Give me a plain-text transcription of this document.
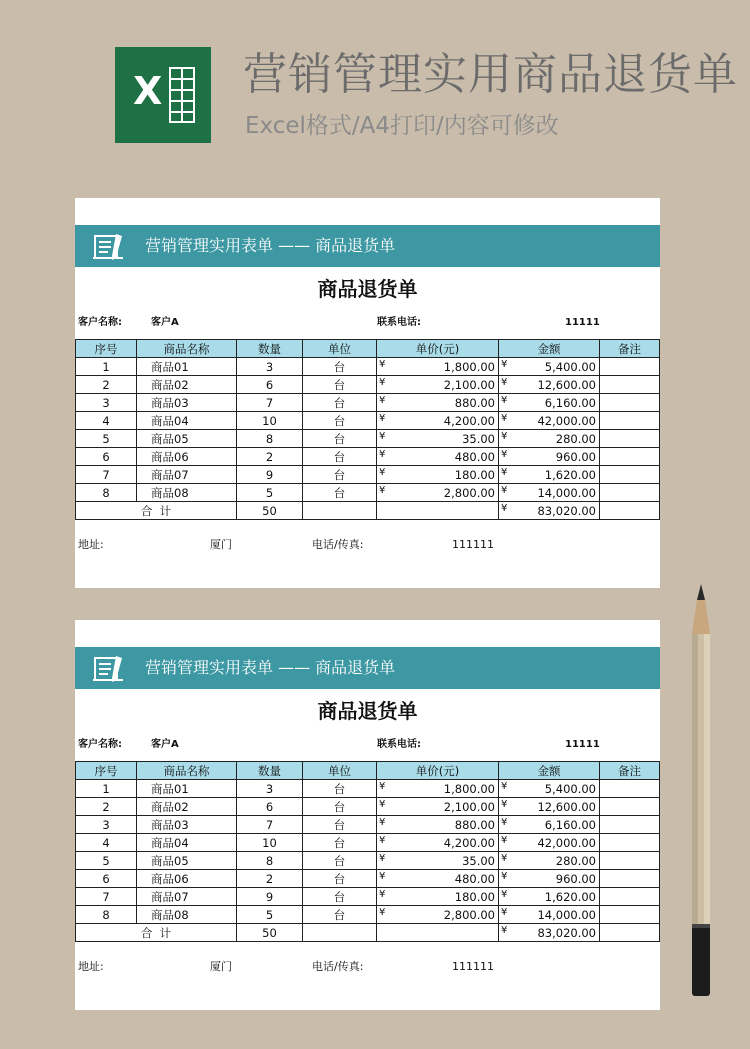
X 营销管理实用商品退货单
Excel格式/A4打印/内容可修改
营销管理实用表单 —— 商品退货单
商品退货单
客户名称:	客户A	联系电话:	11111
序号	商品名称	数量	单位	单价(元)	金额	备注
1	商品01	3	台	¥ 1,800.00	¥ 5,400.00	
2	商品02	6	台	¥ 2,100.00	¥ 12,600.00	
3	商品03	7	台	¥ 880.00	¥ 6,160.00	
4	商品04	10	台	¥ 4,200.00	¥ 42,000.00	
5	商品05	8	台	¥ 35.00	¥ 280.00	
6	商品06	2	台	¥ 480.00	¥ 960.00	
7	商品07	9	台	¥ 180.00	¥ 1,620.00	
8	商品08	5	台	¥ 2,800.00	¥ 14,000.00	
合  计		50			¥ 83,020.00	
地址:	厦门	电话/传真:	111111
营销管理实用表单 —— 商品退货单
商品退货单
客户名称:	客户A	联系电话:	11111
序号	商品名称	数量	单位	单价(元)	金额	备注
1	商品01	3	台	¥ 1,800.00	¥ 5,400.00	
2	商品02	6	台	¥ 2,100.00	¥ 12,600.00	
3	商品03	7	台	¥ 880.00	¥ 6,160.00	
4	商品04	10	台	¥ 4,200.00	¥ 42,000.00	
5	商品05	8	台	¥ 35.00	¥ 280.00	
6	商品06	2	台	¥ 480.00	¥ 960.00	
7	商品07	9	台	¥ 180.00	¥ 1,620.00	
8	商品08	5	台	¥ 2,800.00	¥ 14,000.00	
合  计		50			¥ 83,020.00	
地址:	厦门	电话/传真:	111111
